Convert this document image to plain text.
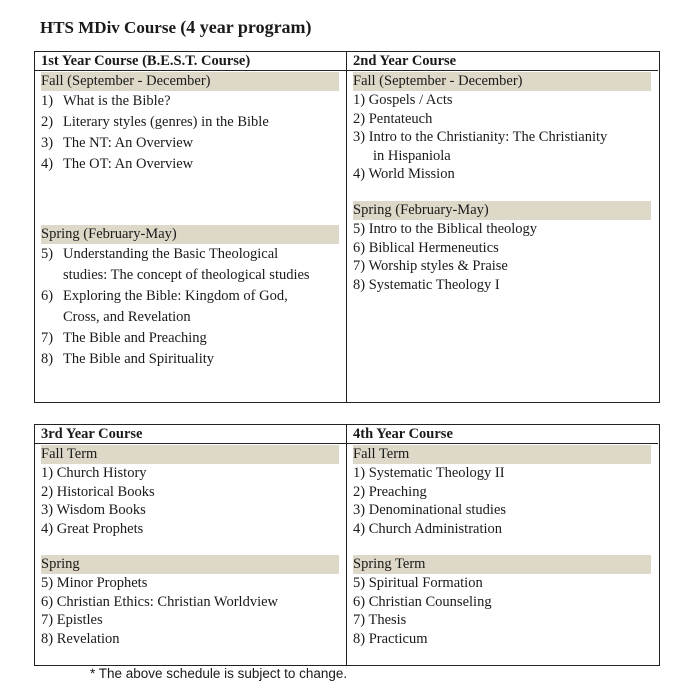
HTS MDiv Course (4 year program)
1st Year Course (B.E.S.T. Course)
Fall (September - December)
1) What is the Bible?
2) Literary styles (genres) in the Bible
3) The NT: An Overview
4) The OT: An Overview
Spring (February-May)
5) Understanding the Basic Theological
studies: The concept of theological studies
6) Exploring the Bible: Kingdom of God,
Cross, and Revelation
7) The Bible and Preaching
8) The Bible and Spirituality
2nd Year Course
Fall (September - December)
1) Gospels / Acts
2) Pentateuch
3) Intro to the Christianity: The Christianity
in Hispaniola
4) World Mission
Spring (February-May)
5) Intro to the Biblical theology
6) Biblical Hermeneutics
7) Worship styles & Praise
8) Systematic Theology I
3rd Year Course
Fall Term
1) Church History
2) Historical Books
3) Wisdom Books
4) Great Prophets
Spring
5) Minor Prophets
6) Christian Ethics: Christian Worldview
7) Epistles
8) Revelation
4th Year Course
Fall Term
1) Systematic Theology II
2) Preaching
3) Denominational studies
4) Church Administration
Spring Term
5) Spiritual Formation
6) Christian Counseling
7) Thesis
8) Practicum
* The above schedule is subject to change.
